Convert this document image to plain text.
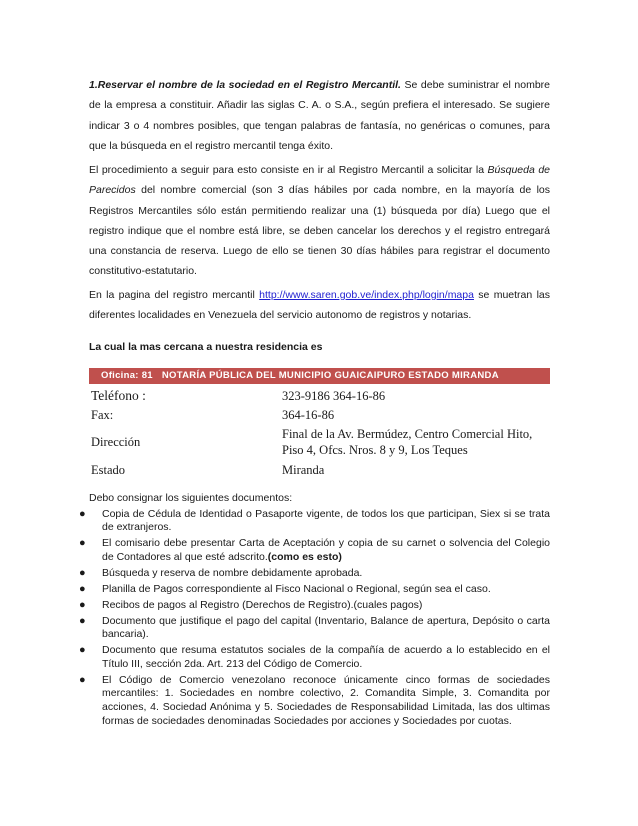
1.Reservar el nombre de la sociedad en el Registro Mercantil. Se debe suministrar el nombre de la empresa a constituir. Añadir las siglas C. A. o S.A., según prefiera el interesado. Se sugiere indicar 3 o 4 nombres posibles, que tengan palabras de fantasía, no genéricas o comunes, para que la búsqueda en el registro mercantil tenga éxito.

El procedimiento a seguir para esto consiste en ir al Registro Mercantil a solicitar la Búsqueda de Parecidos del nombre comercial (son 3 días hábiles por cada nombre, en la mayoría de los Registros Mercantiles sólo están permitiendo realizar una (1) búsqueda por día) Luego que el registro indique que el nombre está libre, se deben cancelar los derechos y el registro entregará una constancia de reserva. Luego de ello se tienen 30 días hábiles para registrar el documento constitutivo-estatutario.

En la pagina del registro mercantil http://www.saren.gob.ve/index.php/login/mapa se muetran las diferentes localidades en Venezuela del servicio autonomo de registros y notarias.

La cual la mas cercana a nuestra residencia es

Oficina: 81 NOTARÍA PÚBLICA DEL MUNICIPIO GUAICAIPURO ESTADO MIRANDA
Teléfono :	323-9186 364-16-86
Fax:	364-16-86
Dirección	Final de la Av. Bermúdez, Centro Comercial Hito, Piso 4, Ofcs. Nros. 8 y 9, Los Teques
Estado	Miranda

Debo consignar los siguientes documentos:

● Copia de Cédula de Identidad o Pasaporte vigente, de todos los que participan, Siex si se trata de extranjeros.
● El comisario debe presentar Carta de Aceptación y copia de su carnet o solvencia del Colegio de Contadores al que esté adscrito.(como es esto)
● Búsqueda y reserva de nombre debidamente aprobada.
● Planilla de Pagos correspondiente al Fisco Nacional o Regional, según sea el caso.
● Recibos de pagos al Registro (Derechos de Registro).(cuales pagos)
● Documento que justifique el pago del capital (Inventario, Balance de apertura, Depósito o carta bancaria).
● Documento que resuma estatutos sociales de la compañía de acuerdo a lo establecido en el Título III, sección 2da. Art. 213 del Código de Comercio.
● El Código de Comercio venezolano reconoce únicamente cinco formas de sociedades mercantiles: 1. Sociedades en nombre colectivo, 2. Comandita Simple, 3. Comandita por acciones, 4. Sociedad Anónima y 5. Sociedades de Responsabilidad Limitada, las dos ultimas formas de sociedades denominadas Sociedades por acciones y Sociedades por cuotas.
